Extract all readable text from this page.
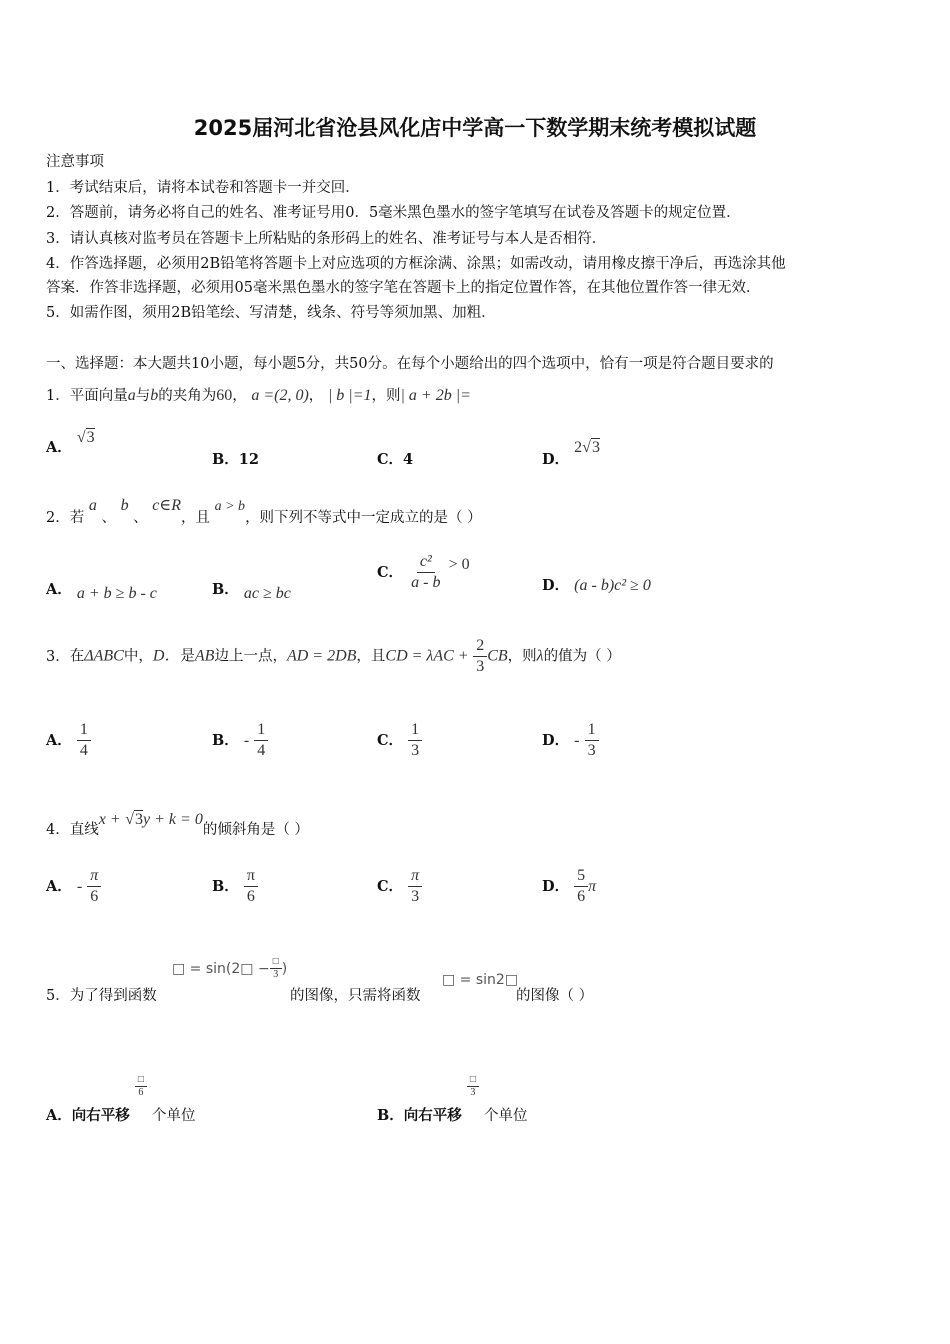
2025届河北省沧县风化店中学高一下数学期末统考模拟试题
注意事项
1．考试结束后，请将本试卷和答题卡一并交回．
2．答题前，请务必将自己的姓名、准考证号用0．5毫米黑色墨水的签字笔填写在试卷及答题卡的规定位置．
3．请认真核对监考员在答题卡上所粘贴的条形码上的姓名、准考证号与本人是否相符．
4．作答选择题，必须用2B铅笔将答题卡上对应选项的方框涂满、涂黑；如需改动，请用橡皮擦干净后，再选涂其他
答案．作答非选择题，必须用05毫米黑色墨水的签字笔在答题卡上的指定位置作答，在其他位置作答一律无效．
5．如需作图，须用2B铅笔绘、写清楚，线条、符号等须加黑、加粗．
一、选择题：本大题共10小题，每小题5分，共50分。在每个小题给出的四个选项中，恰有一项是符合题目要求的
1．平面向量a与b的夹角为60， a =(2, 0)， | b |=1，则| a + 2b |=
A． √3
B．12	C．4	D． 2√3
2．若 a 、 b 、 c∈R，且 a > b，则下列不等式中一定成立的是（ ）
A． a + b ≥ b - c	B． ac ≥ bc
C． $\frac{\text{c²}}{a - b} > 0$
D． (a - b)c² ≥ 0
3．在ΔABC中，D．是AB边上一点，AD = 2DB，且CD = $\lambda AC + \frac{2}{3}$ CB，则λ的值为（ ）
A． $\frac{1}{4}$	B． - $\frac{1}{4}$	C． $\frac{1}{3}$	D． - $\frac{1}{3}$
4．直线x + √3y + k = 0的倾斜角是（ ）
A． - $\frac{\pi}{6}$	B． $\frac{\pi}{6}$	C． $\frac{\pi}{3}$	D． $\frac{5}{6}$ π
5．为了得到函数
□ = sin(2□ − $\frac{□}{3}$ )
的图像，只需将函数
□ = sin2□
的图像（ ）
A．向右平移
$\frac{□}{6}$
个单位	B．向右平移
$\frac{□}{3}$
个单位
